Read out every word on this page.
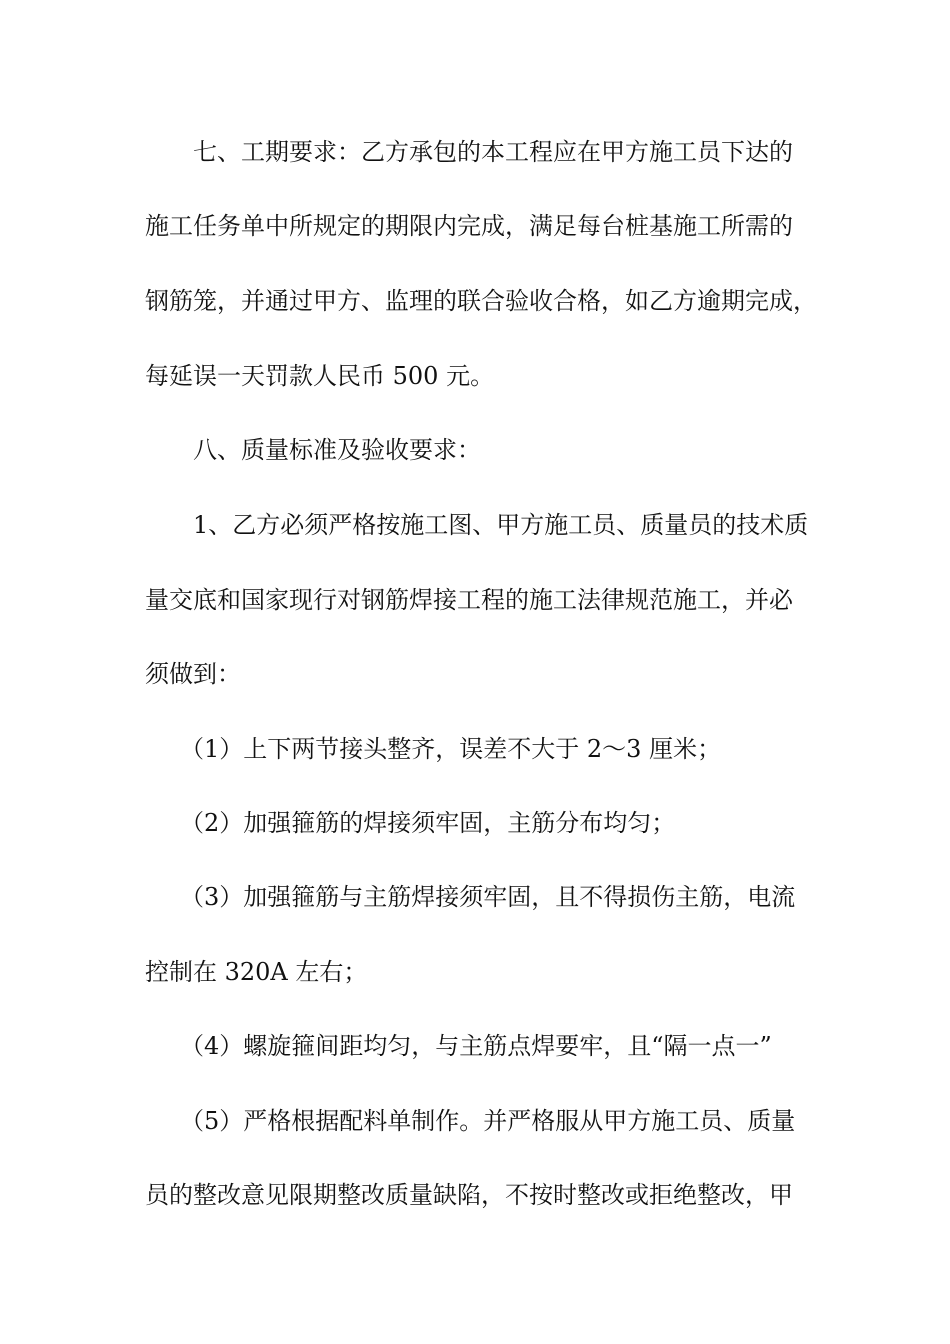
七、工期要求：乙方承包的本工程应在甲方施工员下达的
施工任务单中所规定的期限内完成，满足每台桩基施工所需的
钢筋笼，并通过甲方、监理的联合验收合格，如乙方逾期完成，
每延误一天罚款人民币 500 元。
八、质量标准及验收要求：
1、乙方必须严格按施工图、甲方施工员、质量员的技术质
量交底和国家现行对钢筋焊接工程的施工法律规范施工，并必
须做到：
（1）上下两节接头整齐，误差不大于 2～3 厘米；
（2）加强箍筋的焊接须牢固，主筋分布均匀；
（3）加强箍筋与主筋焊接须牢固，且不得损伤主筋，电流
控制在 320A 左右；
（4）螺旋箍间距均匀，与主筋点焊要牢，且“隔一点一”
（5）严格根据配料单制作。并严格服从甲方施工员、质量
员的整改意见限期整改质量缺陷，不按时整改或拒绝整改，甲
